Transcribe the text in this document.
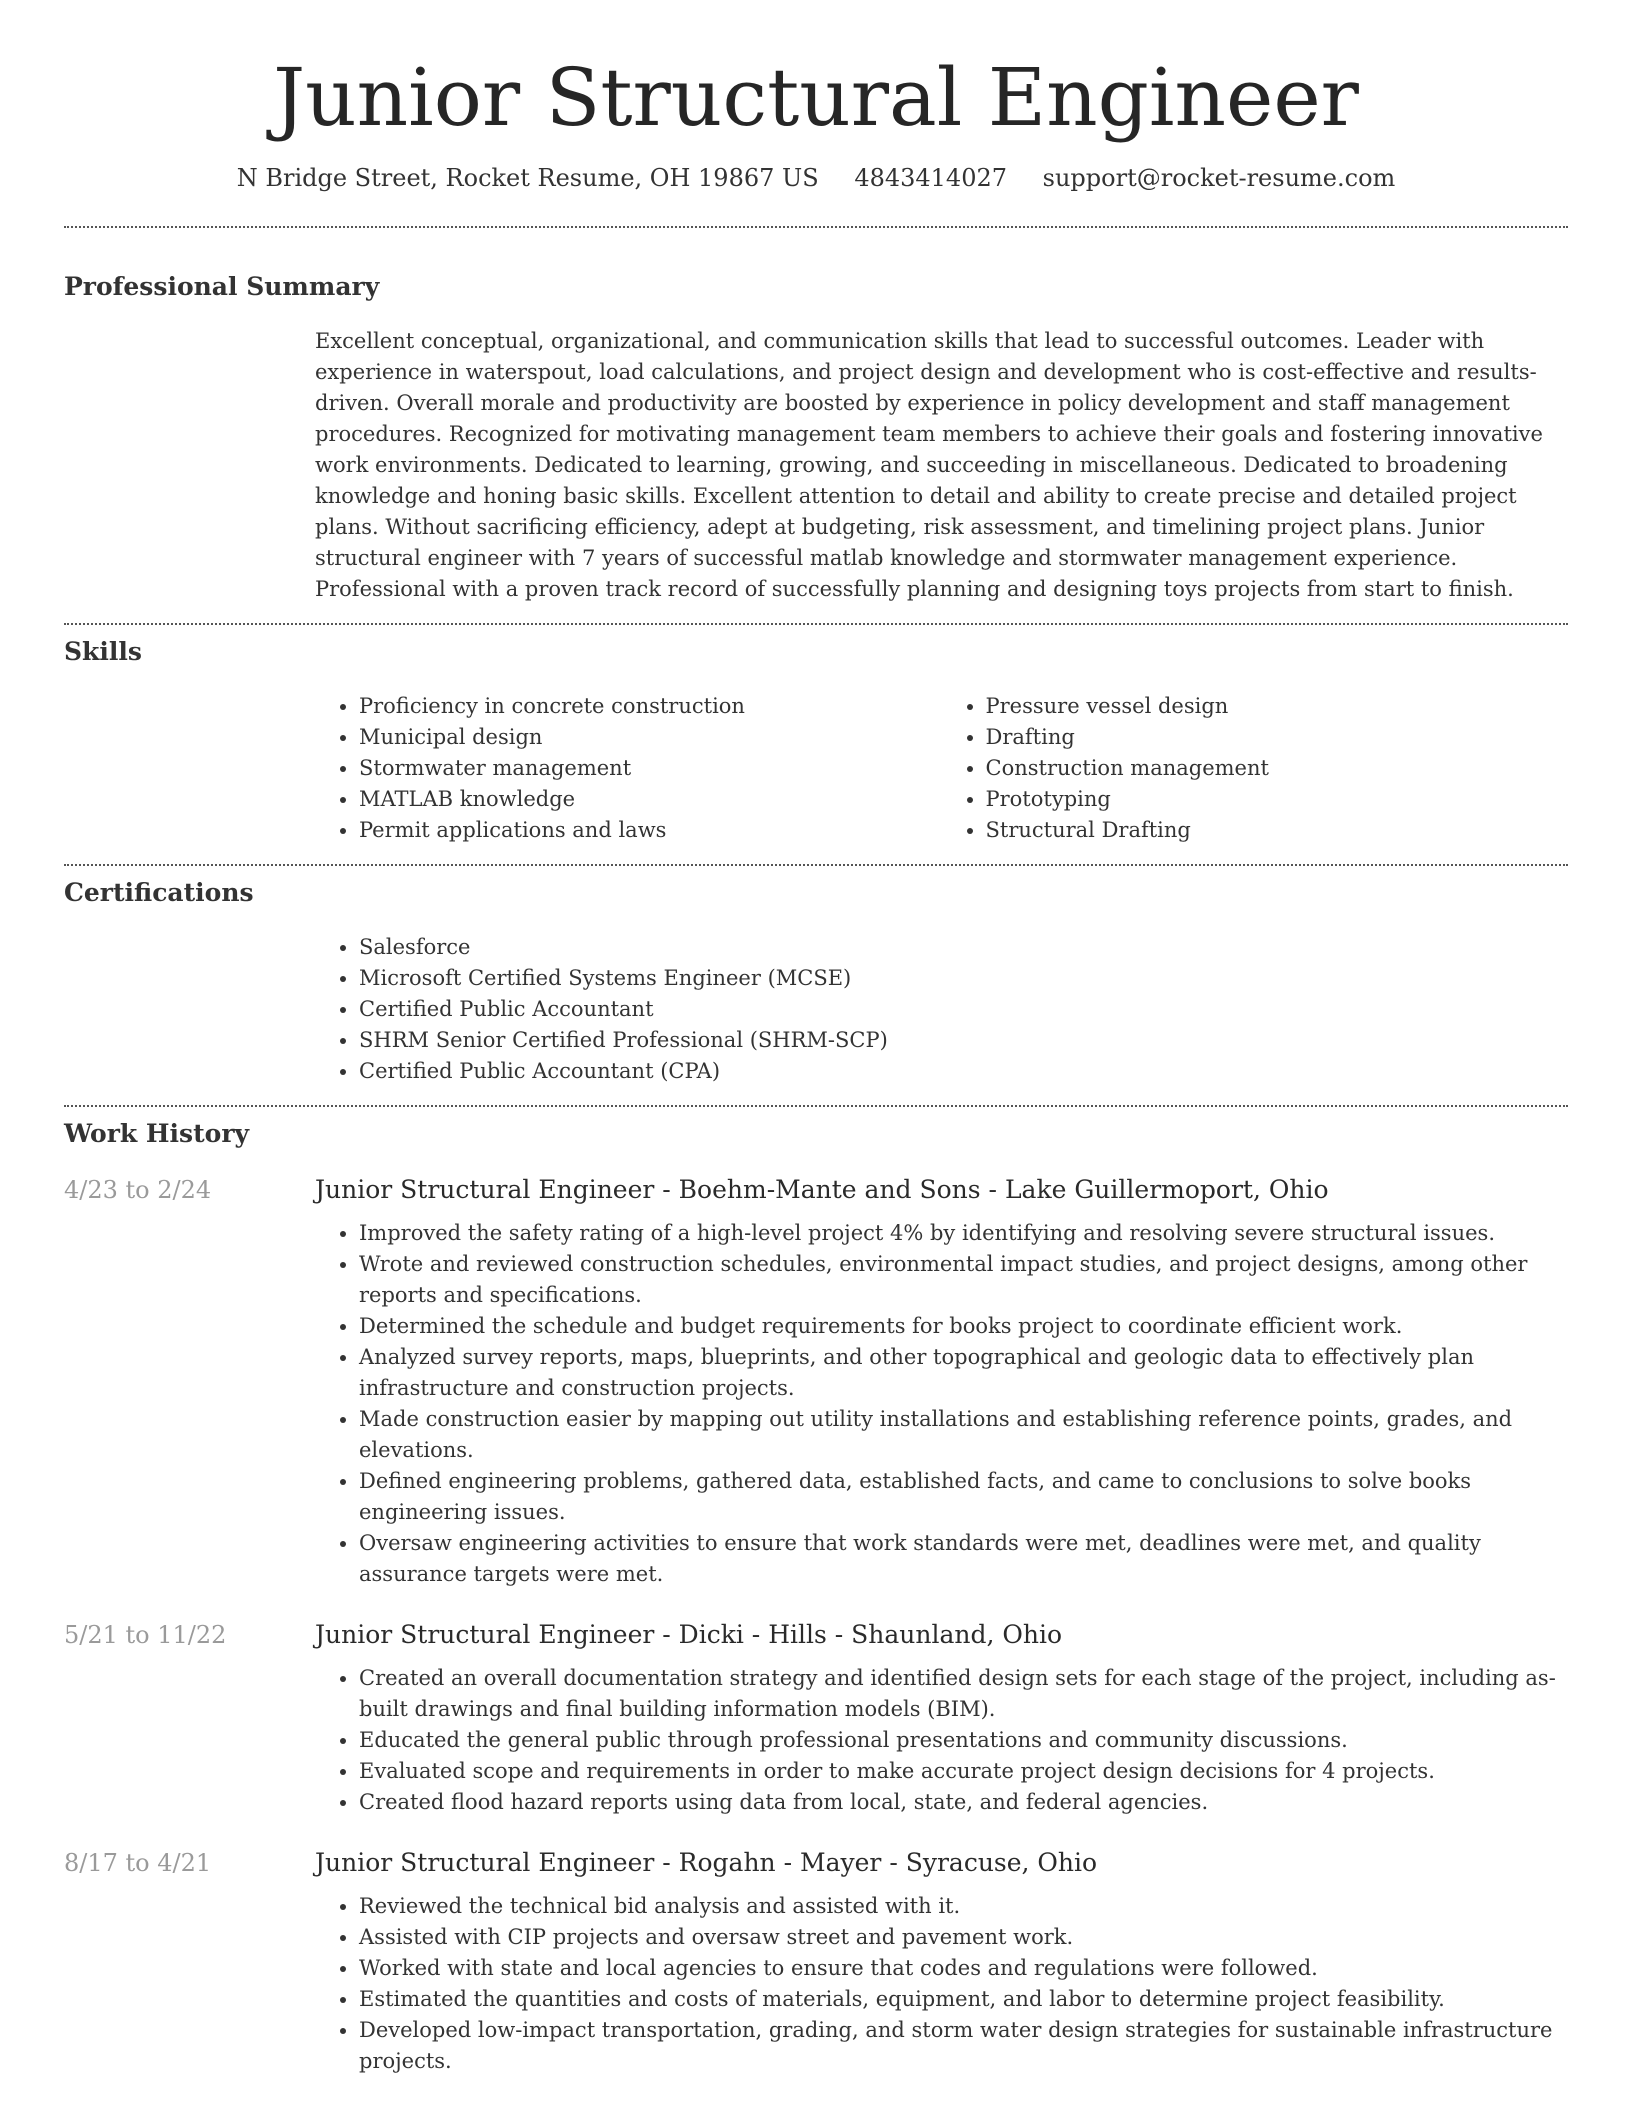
Junior Structural Engineer
N Bridge Street, Rocket Resume, OH 19867 US 4843414027 support@rocket-resume.com
Professional Summary
Excellent conceptual, organizational, and communication skills that lead to successful outcomes. Leader with experience in waterspout, load calculations, and project design and development who is cost-effective and results-driven. Overall morale and productivity are boosted by experience in policy development and staff management procedures. Recognized for motivating management team members to achieve their goals and fostering innovative work environments. Dedicated to learning, growing, and succeeding in miscellaneous. Dedicated to broadening knowledge and honing basic skills. Excellent attention to detail and ability to create precise and detailed project plans. Without sacrificing efficiency, adept at budgeting, risk assessment, and timelining project plans. Junior structural engineer with 7 years of successful matlab knowledge and stormwater management experience. Professional with a proven track record of successfully planning and designing toys projects from start to finish.
Skills
• Proficiency in concrete construction
• Municipal design
• Stormwater management
• MATLAB knowledge
• Permit applications and laws
• Pressure vessel design
• Drafting
• Construction management
• Prototyping
• Structural Drafting
Certifications
• Salesforce
• Microsoft Certified Systems Engineer (MCSE)
• Certified Public Accountant
• SHRM Senior Certified Professional (SHRM-SCP)
• Certified Public Accountant (CPA)
Work History
4/23 to 2/24	Junior Structural Engineer - Boehm-Mante and Sons - Lake Guillermoport, Ohio
• Improved the safety rating of a high-level project 4% by identifying and resolving severe structural issues.
• Wrote and reviewed construction schedules, environmental impact studies, and project designs, among other reports and specifications.
• Determined the schedule and budget requirements for books project to coordinate efficient work.
• Analyzed survey reports, maps, blueprints, and other topographical and geologic data to effectively plan infrastructure and construction projects.
• Made construction easier by mapping out utility installations and establishing reference points, grades, and elevations.
• Defined engineering problems, gathered data, established facts, and came to conclusions to solve books engineering issues.
• Oversaw engineering activities to ensure that work standards were met, deadlines were met, and quality assurance targets were met.
5/21 to 11/22	Junior Structural Engineer - Dicki - Hills - Shaunland, Ohio
• Created an overall documentation strategy and identified design sets for each stage of the project, including as-built drawings and final building information models (BIM).
• Educated the general public through professional presentations and community discussions.
• Evaluated scope and requirements in order to make accurate project design decisions for 4 projects.
• Created flood hazard reports using data from local, state, and federal agencies.
8/17 to 4/21	Junior Structural Engineer - Rogahn - Mayer - Syracuse, Ohio
• Reviewed the technical bid analysis and assisted with it.
• Assisted with CIP projects and oversaw street and pavement work.
• Worked with state and local agencies to ensure that codes and regulations were followed.
• Estimated the quantities and costs of materials, equipment, and labor to determine project feasibility.
• Developed low-impact transportation, grading, and storm water design strategies for sustainable infrastructure projects.
